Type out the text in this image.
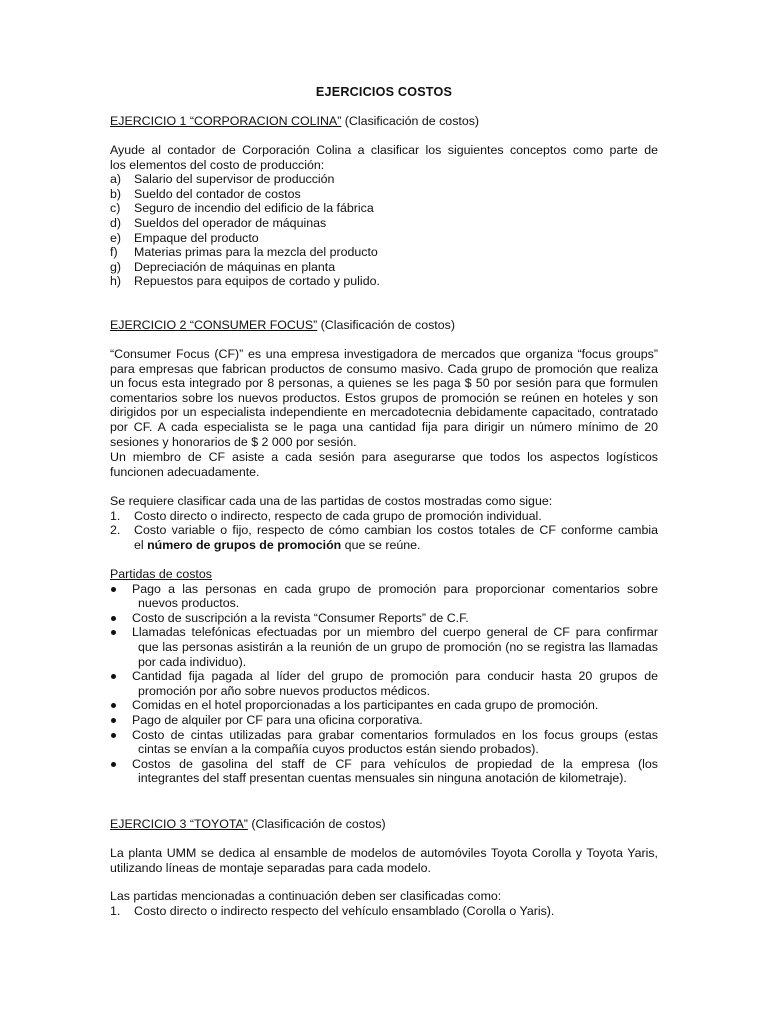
EJERCICIOS COSTOS
EJERCICIO 1 “CORPORACION COLINA” (Clasificación de costos)
Ayude al contador de Corporación Colina a clasificar los siguientes conceptos como parte de
los elementos del costo de producción:
a)	Salario del supervisor de producción
b)	Sueldo del contador de costos
c)	Seguro de incendio del edificio de la fábrica
d)	Sueldos del operador de máquinas
e)	Empaque del producto
f)	Materias primas para la mezcla del producto
g)	Depreciación de máquinas en planta
h)	Repuestos para equipos de cortado y pulido.
EJERCICIO 2 “CONSUMER FOCUS” (Clasificación de costos)
“Consumer Focus (CF)” es una empresa investigadora de mercados que organiza “focus groups” para empresas que fabrican productos de consumo masivo. Cada grupo de promoción que realiza un focus esta integrado por 8 personas, a quienes se les paga $ 50 por sesión para que formulen comentarios sobre los nuevos productos. Estos grupos de promoción se reúnen en hoteles y son dirigidos por un especialista independiente en mercadotecnia debidamente capacitado, contratado por CF. A cada especialista se le paga una cantidad fija para dirigir un número mínimo de 20 sesiones y honorarios de $ 2 000 por sesión.
Un miembro de CF asiste a cada sesión para asegurarse que todos los aspectos logísticos funcionen adecuadamente.
Se requiere clasificar cada una de las partidas de costos mostradas como sigue:
1.	Costo directo o indirecto, respecto de cada grupo de promoción individual.
2.	Costo variable o fijo, respecto de cómo cambian los costos totales de CF conforme cambia
el número de grupos de promoción que se reúne.
Partidas de costos
Pago a las personas en cada grupo de promoción para proporcionar comentarios sobre
nuevos productos.
Costo de suscripción a la revista “Consumer Reports” de C.F.
Llamadas telefónicas efectuadas por un miembro del cuerpo general de CF para confirmar
que las personas asistirán a la reunión de un grupo de promoción (no se registra las llamadas por cada individuo).
Cantidad fija pagada al líder del grupo de promoción para conducir hasta 20 grupos de
promoción por año sobre nuevos productos médicos.
Comidas en el hotel proporcionadas a los participantes en cada grupo de promoción.
Pago de alquiler por CF para una oficina corporativa.
Costo de cintas utilizadas para grabar comentarios formulados en los focus groups (estas
cintas se envían a la compañía cuyos productos están siendo probados).
Costos de gasolina del staff de CF para vehículos de propiedad de la empresa (los
integrantes del staff presentan cuentas mensuales sin ninguna anotación de kilometraje).
EJERCICIO 3 “TOYOTA” (Clasificación de costos)
La planta UMM se dedica al ensamble de modelos de automóviles Toyota Corolla y Toyota Yaris, utilizando líneas de montaje separadas para cada modelo.
Las partidas mencionadas a continuación deben ser clasificadas como:
1.	Costo directo o indirecto respecto del vehículo ensamblado (Corolla o Yaris).
